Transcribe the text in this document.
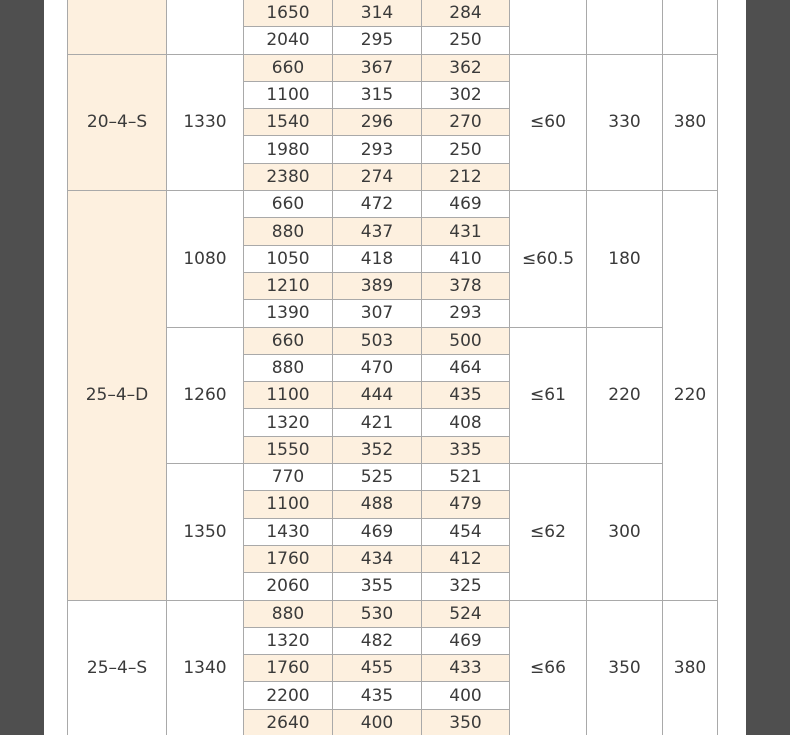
		1650	314	284			
		2040	295	250			
20–4–S	1330	660	367	362	≤60	330	380
		1100	315	302			
		1540	296	270			
		1980	293	250			
		2380	274	212			
25–4–D	1080	660	472	469	≤60.5	180	220
		880	437	431			
		1050	418	410			
		1210	389	378			
		1390	307	293			
	1260	660	503	500	≤61	220	
		880	470	464			
		1100	444	435			
		1320	421	408			
		1550	352	335			
	1350	770	525	521	≤62	300	
		1100	488	479			
		1430	469	454			
		1760	434	412			
		2060	355	325			
25–4–S	1340	880	530	524	≤66	350	380
		1320	482	469			
		1760	455	433			
		2200	435	400			
		2640	400	350			
